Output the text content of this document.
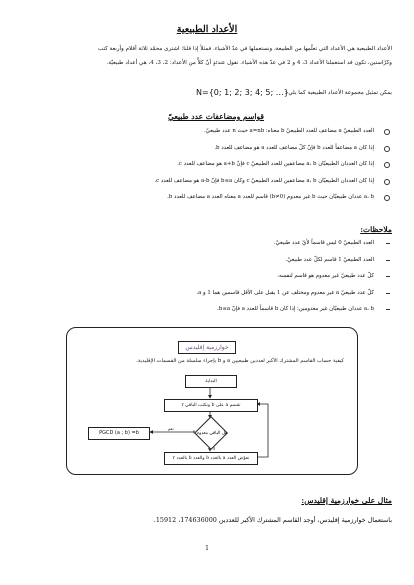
الأعداد الطبيعية
الأعداد الطبيعية هي الأعداد التي تعلّمها من الطبيعة، ونستعملها في عدّ الأشياء. فمثلاً إذا قلنا: اشترى محمّد ثلاثة أقلام وأربعة كتب
وكرّاستين، تكون قد استعملنا الأعداد 3، 4 و 2 في عدّ هذه الأشياء. نقول عندئذٍ أنّ كلاًّ من الأعداد: 2، 3، 4، هي أعداد طبيعيّة.
يمكن تمثيل مجموعة الأعداد الطبيعية كما يلي :
N={0; 1; 2; 3; 4; 5; …}
قواسم ومضاعفات عدد طبيعيّ
العدد الطبيعيّ a مضاعف للعدد الطبيعيّ b معناه: a=nb حيث n عدد طبيعيّ.
إذا كان a مضاعفاً للعدد b فإنّ كلّ مضاعف للعدد a هو مضاعف للعدد b.
إذا كان العددان الطبيعيّان a، b مضاعفين للعدد الطبيعيّ c فإنّ a+b هو مضاعف للعدد c.
إذا كان العددان الطبيعيّان a، b مضاعفين للعدد الطبيعيّ c وكان b≤a فإنّ a-b هو مضاعف للعدد c.
a، b عددان طبيعيّان حيث b غير معدوم (b≠0) قاسم للعدد a معناه العدد a مضاعف للعدد b.
ملاحظات:
العدد الطبيعيّ 0 ليس قاسماً لأيّ عدد طبيعيّ.
العدد الطبيعيّ 1 قاسم لكلّ عدد طبيعيّ.
كلّ عدد طبيعيّ غير معدوم هو قاسم لنفسه.
كلّ عدد طبيعيّ a غير معدوم ومختلف عن 1 يقبل على الأقل قاسمين هما 1 و a.
a، b عددان طبيعيّان غير معدومين: إذا كان b قاسماً للعدد a فإنّ b≤a.
خوارزمية إقليدس
كيفية حساب القاسم المشترك الأكبر لعددين طبيعيين a و b بإجراء سلسلة من القسمات الإقليدية.
البداية
نقسم a على b ونكتب الباقي r
هل الباقي معدوم ؟
نعم
لا
PGCD (a ; b) =b
نعوّض العدد a بالعدد b والعدد b بالعدد r
مثال على خوارزمية إقليدس:
باستعمال خوارزمية إقليدس، أوجد القاسم المشترك الأكبر للعددين 174636000، 15912.
1
